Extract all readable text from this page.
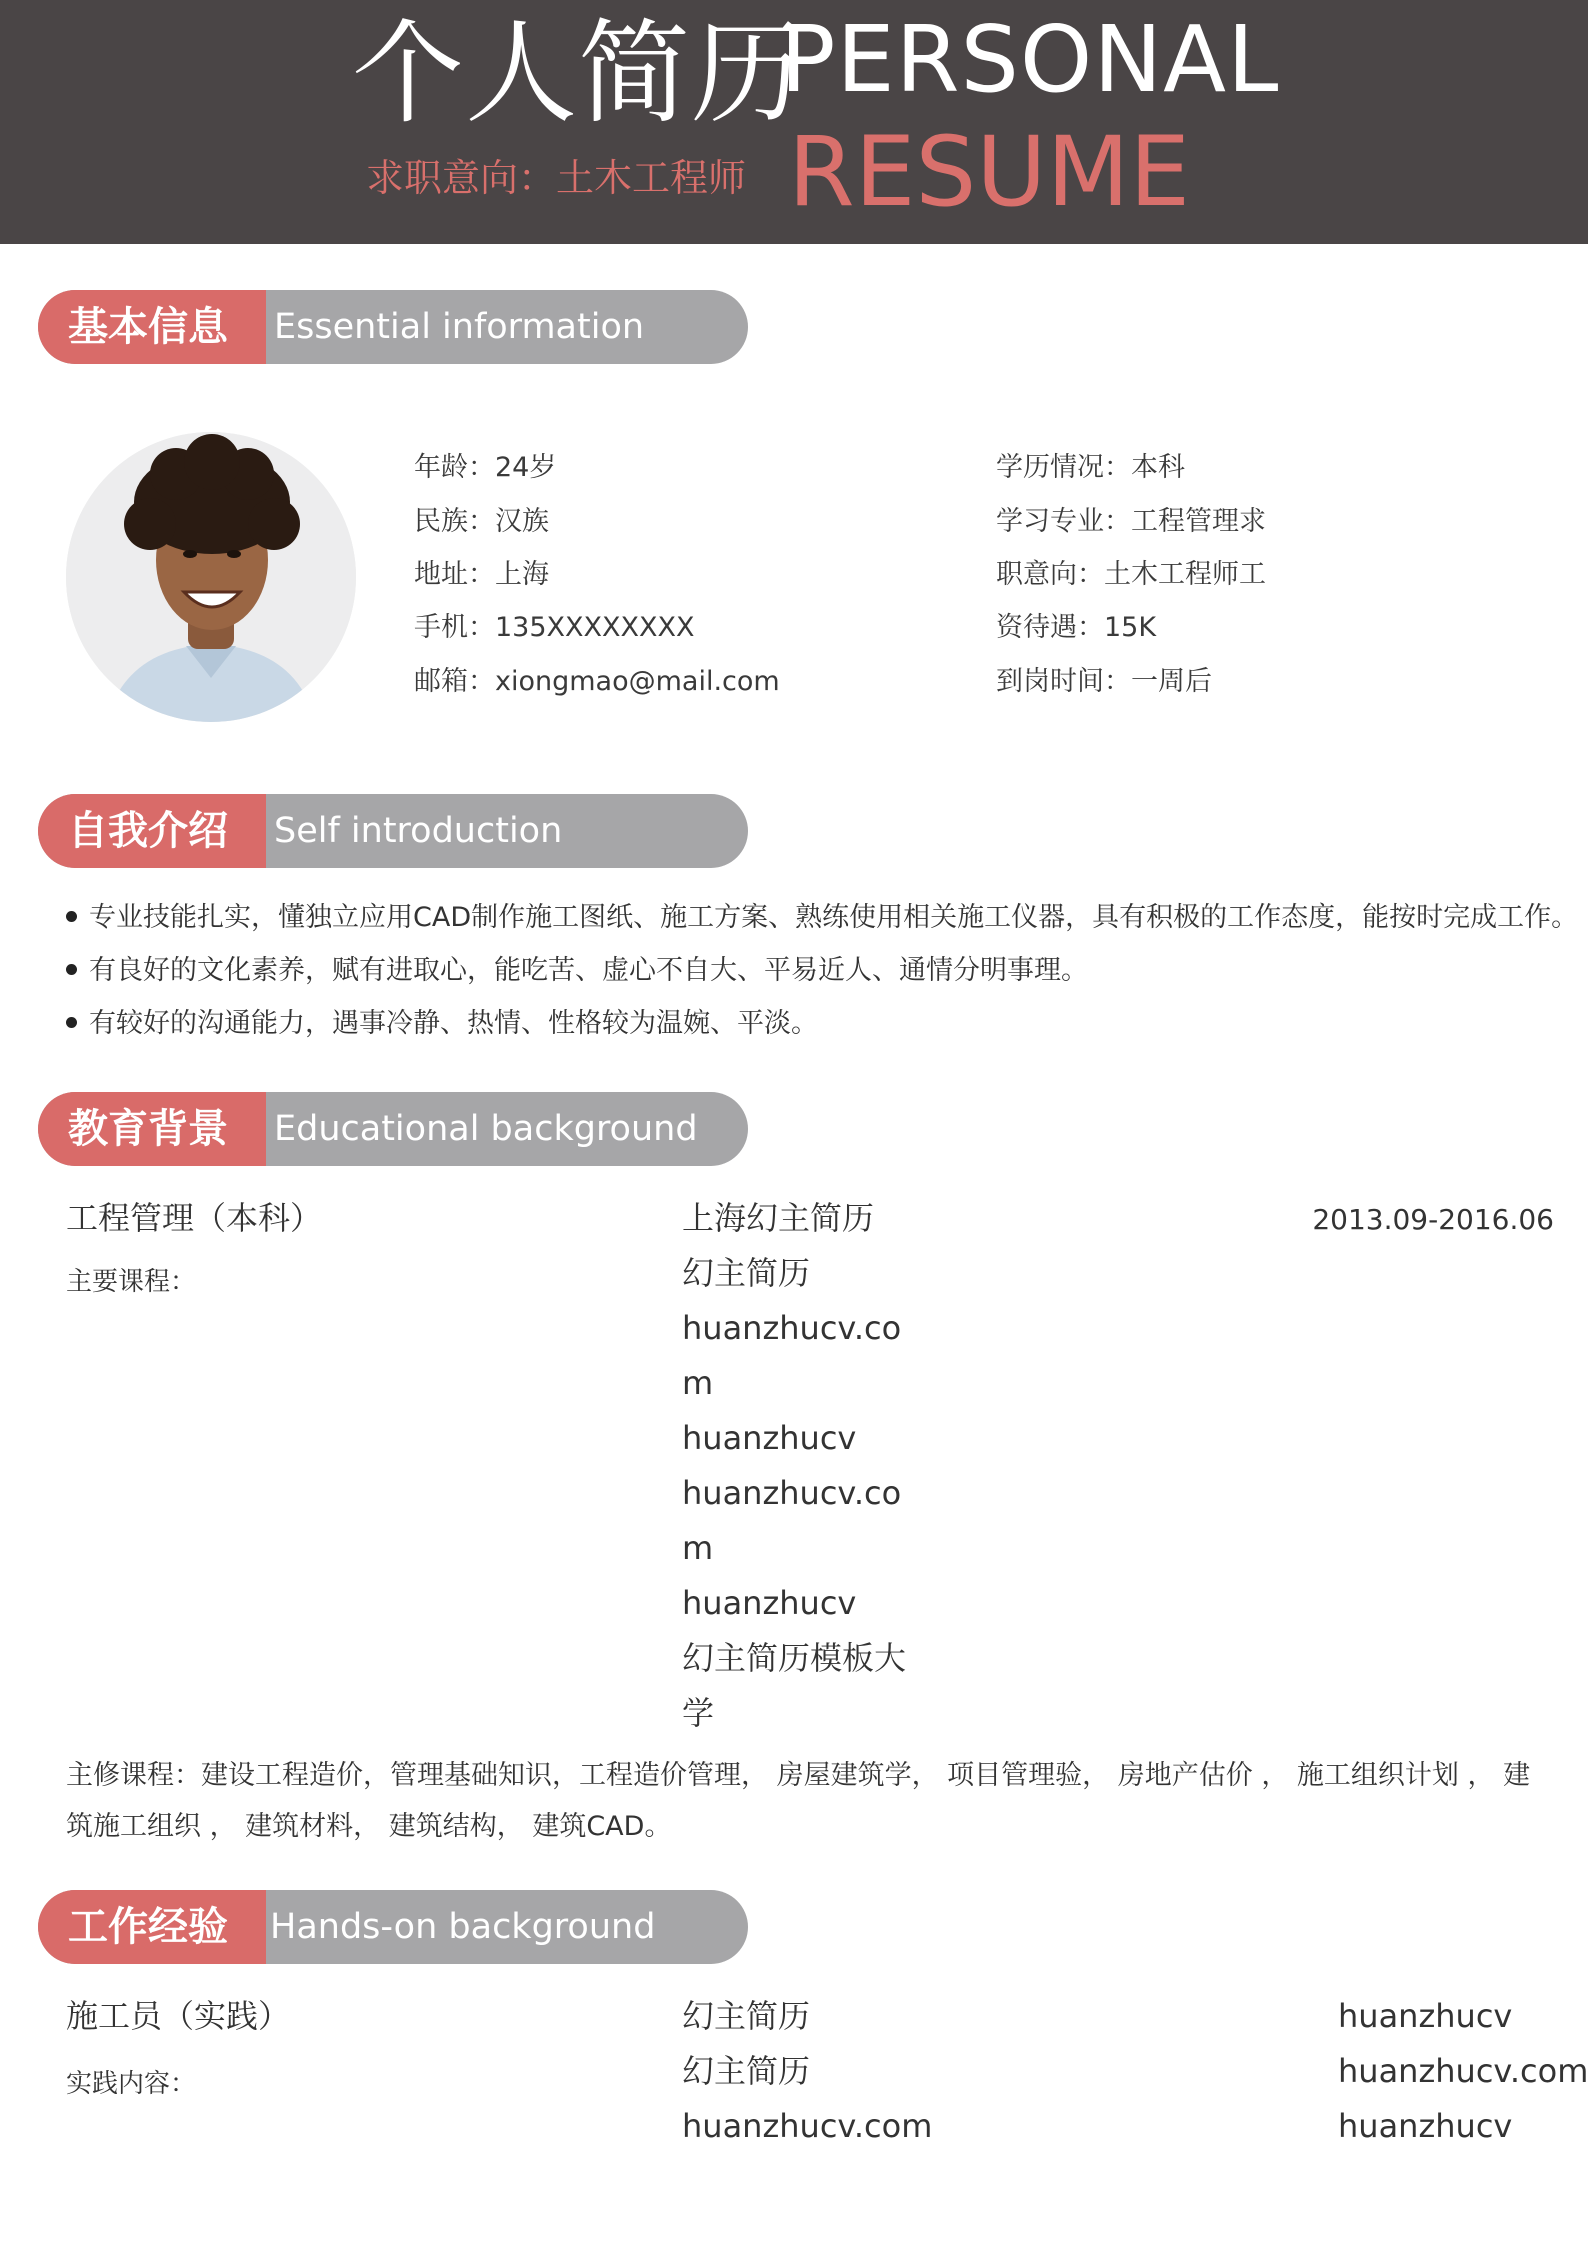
个人简历
PERSONAL
求职意向：土木工程师 RESUME
基本信息 Essential information
年龄：24岁
民族：汉族
地址：上海
手机：135XXXXXXXX
邮箱：xiongmao@mail.com
学历情况：本科
学习专业：工程管理求
职意向：土木工程师工
资待遇：15K
到岗时间：一周后
自我介绍 Self introduction
专业技能扎实，懂独立应用CAD制作施工图纸、施工方案、熟练使用相关施工仪器，具有积极的工作态度，能按时完成工作。
有良好的文化素养，赋有进取心，能吃苦、虚心不自大、平易近人、通情分明事理。
有较好的沟通能力，遇事冷静、热情、性格较为温婉、平淡。
教育背景 Educational background
工程管理（本科）
主要课程：
上海幻主简历
幻主简历
huanzhucv.co
m
huanzhucv
huanzhucv.co
m
huanzhucv
幻主简历模板大
学
2013.09-2016.06
主修课程：建设工程造价，管理基础知识，工程造价管理， 房屋建筑学， 项目管理验， 房地产估价 ， 施工组织计划 ， 建筑施工组织 ， 建筑材料， 建筑结构， 建筑CAD。
工作经验 Hands-on background
施工员（实践）
实践内容：
幻主简历
幻主简历
huanzhucv.com
huanzhucv
huanzhucv.com
huanzhucv
